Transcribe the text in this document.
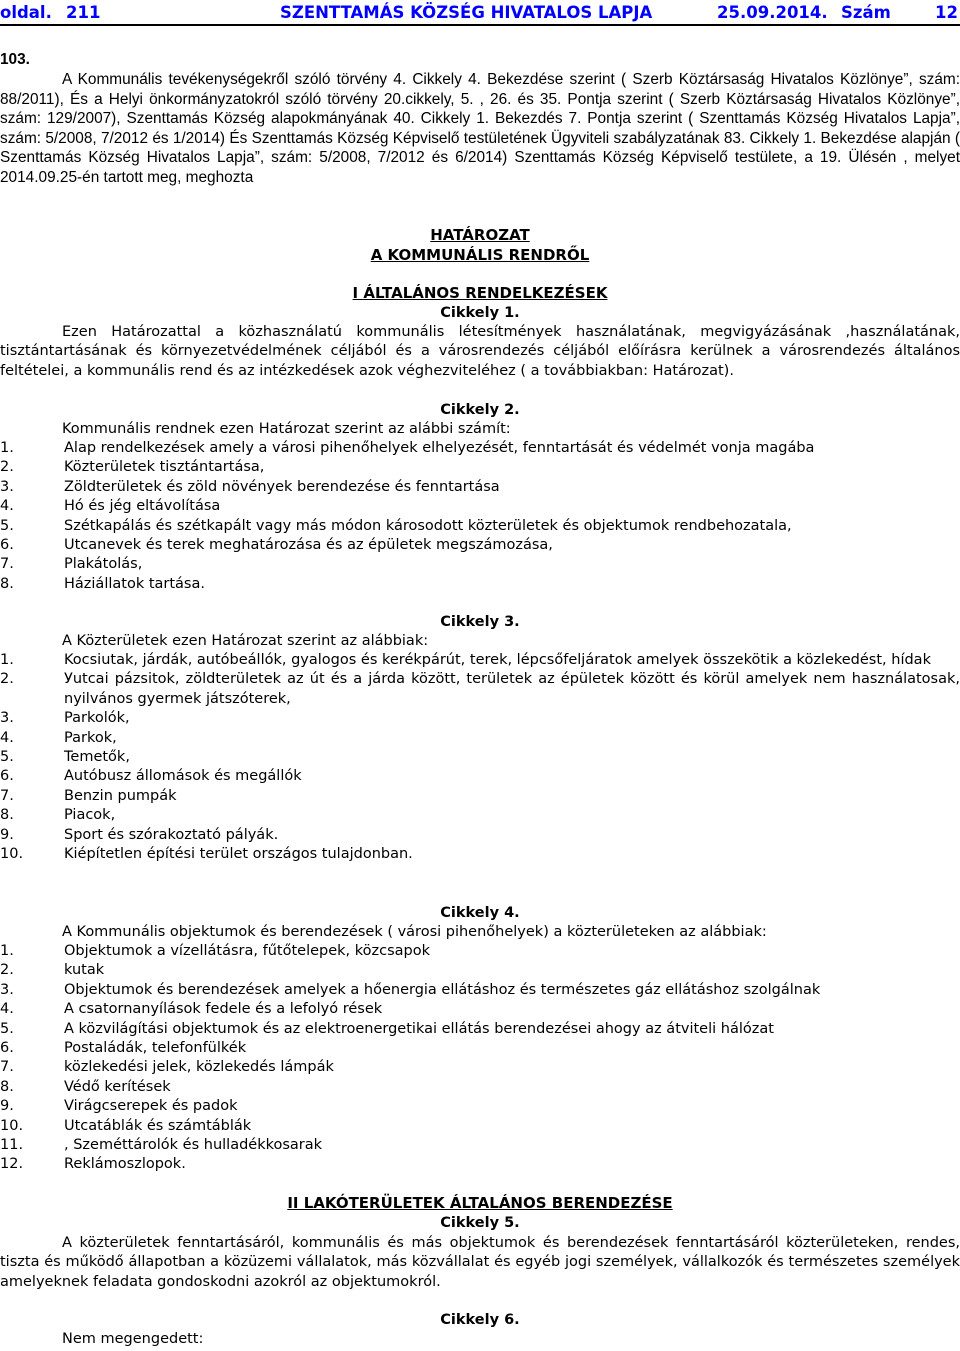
oldal. 211	SZENTTAMÁS KÖZSÉG HIVATALOS LAPJA	25.09.2014. Szám	12
103.

A Kommunális tevékenységekről szóló törvény 4. Cikkely 4. Bekezdése szerint ( Szerb Köztársaság Hivatalos Közlönye”, szám: 88/2011), És a Helyi önkormányzatokról szóló törvény 20.cikkely, 5. , 26. és 35. Pontja szerint ( Szerb Köztársaság Hivatalos Közlönye”, szám: 129/2007), Szenttamás Község alapokmányának 40. Cikkely 1. Bekezdés 7. Pontja szerint ( Szenttamás Község Hivatalos Lapja”, szám: 5/2008, 7/2012 és 1/2014) És Szenttamás Község Képviselő testületének Ügyviteli szabályzatának 83. Cikkely 1. Bekezdése alapján ( Szenttamás Község Hivatalos Lapja”, szám: 5/2008, 7/2012 és 6/2014) Szenttamás Község Képviselő testülete, a 19. Ülésén , melyet 2014.09.25-én tartott meg, meghozta

HATÁROZAT
A KOMMUNÁLIS RENDRŐL
I ÁLTALÁNOS RENDELKEZÉSEK
Cikkely 1.

Ezen Határozattal a közhasználatú kommunális létesítmények használatának, megvigyázásának ,használatának, tisztántartásának és környezetvédelmének céljából és a városrendezés céljából előírásra kerülnek a városrendezés általános feltételei, a kommunális rend és az intézkedések azok véghezviteléhez ( a továbbiakban: Határozat).

Cikkely 2.

Kommunális rendnek ezen Határozat szerint az alábbi számít:

1.	Alap rendelkezések amely a városi pihenőhelyek elhelyezését, fenntartását és védelmét vonja magába
2.	Közterületek tisztántartása,
3.	Zöldterületek és zöld növények berendezése és fenntartása
4.	Hó és jég eltávolítása
5.	Szétkapálás és szétkapált vagy más módon károsodott közterületek és objektumok rendbehozatala,
6.	Utcanevek és terek meghatározása és az épületek megszámozása,
7.	Plakátolás,
8.	Háziállatok tartása.
Cikkely 3.

A Közterületek ezen Határozat szerint az alábbiak:

1.	Kocsiutak, járdák, autóbeállók, gyalogos és kerékpárút, terek, lépcsőfeljáratok amelyek összekötik a közlekedést, hídak
2.	Уutcai pázsitok, zöldterületek az út és a járda között, területek az épületek között és körül amelyek nem használatosak, nyilvános gyermek játszóterek,
3.	Parkolók,
4.	Parkok,
5.	Temetők,
6.	Autóbusz állomások és megállók
7.	Benzin pumpák
8.	Piacok,
9.	Sport és szórakoztató pályák.
10.	Kiépítetlen építési terület országos tulajdonban.
Cikkely 4.

A Kommunális objektumok és berendezések ( városi pihenőhelyek) a közterületeken az alábbiak:

1.	Objektumok a vízellátásra, fűtőtelepek, közcsapok
2.	kutak
3.	Objektumok és berendezések amelyek a hőenergia ellátáshoz és természetes gáz ellátáshoz szolgálnak
4.	A csatornanyílások fedele és a lefolyó rések
5.	A közvilágítási objektumok és az elektroenergetikai ellátás berendezései ahogy az átviteli hálózat
6.	Postaládák, telefonfülkék
7.	közlekedési jelek, közlekedés lámpák
8.	Védő kerítések
9.	Virágcserepek és padok
10.	Utcatáblák és számtáblák
11.	, Szeméttárolók és hulladékkosarak
12.	Reklámoszlopok.
II LAKÓTERÜLETEK ÁLTALÁNOS BERENDEZÉSE
Cikkely 5.

A közterületek fenntartásáról, kommunális és más objektumok és berendezések fenntartásáról közterületeken, rendes, tiszta és működő állapotban a közüzemi vállalatok, más közvállalat és egyéb jogi személyek, vállalkozók és természetes személyek amelyeknek feladata gondoskodni azokról az objektumokról.

Cikkely 6.

Nem megengedett:
